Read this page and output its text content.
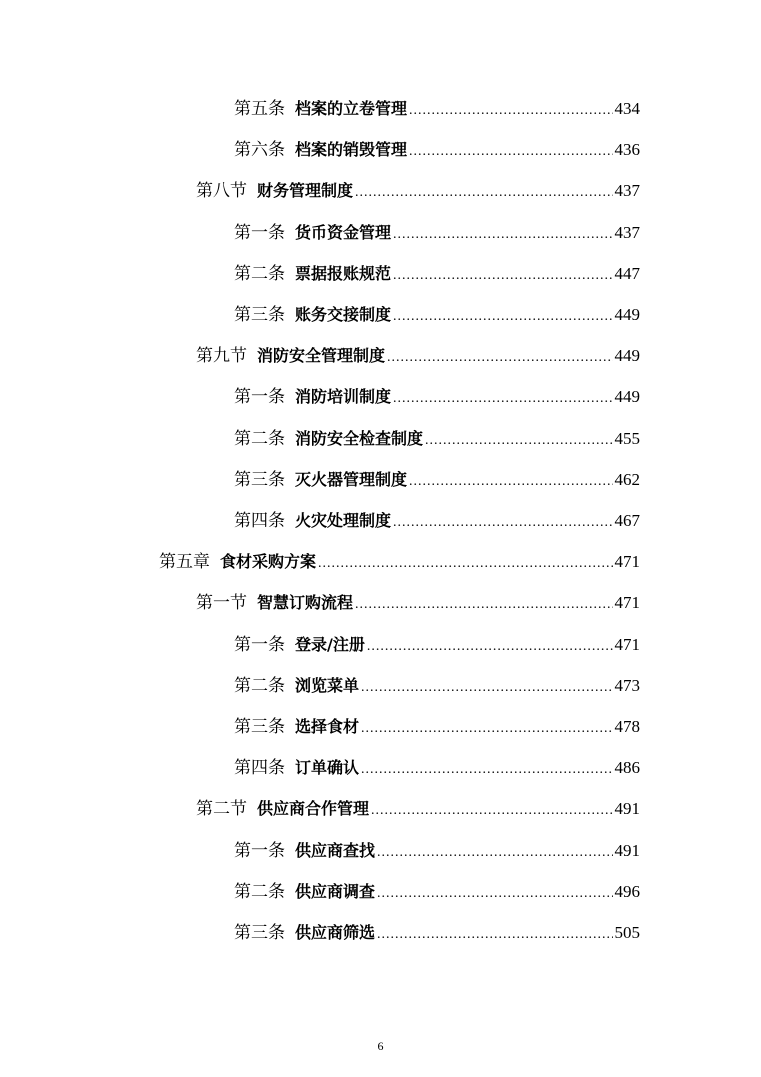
第五条 档案的立卷管理 .....	434
第六条 档案的销毁管理 .....	436
第八节 财务管理制度 .....	437
第一条 货币资金管理 .....	437
第二条 票据报账规范 .....	447
第三条 账务交接制度 .....	449
第九节 消防安全管理制度 .....	449
第一条 消防培训制度 .....	449
第二条 消防安全检查制度 .....	455
第三条 灭火器管理制度 .....	462
第四条 火灾处理制度 .....	467
第五章 食材采购方案 .....	471
第一节 智慧订购流程 .....	471
第一条 登录/注册 .....	471
第二条 浏览菜单 .....	473
第三条 选择食材 .....	478
第四条 订单确认 .....	486
第二节 供应商合作管理 .....	491
第一条 供应商查找 .....	491
第二条 供应商调查 .....	496
第三条 供应商筛选 .....	505
6
